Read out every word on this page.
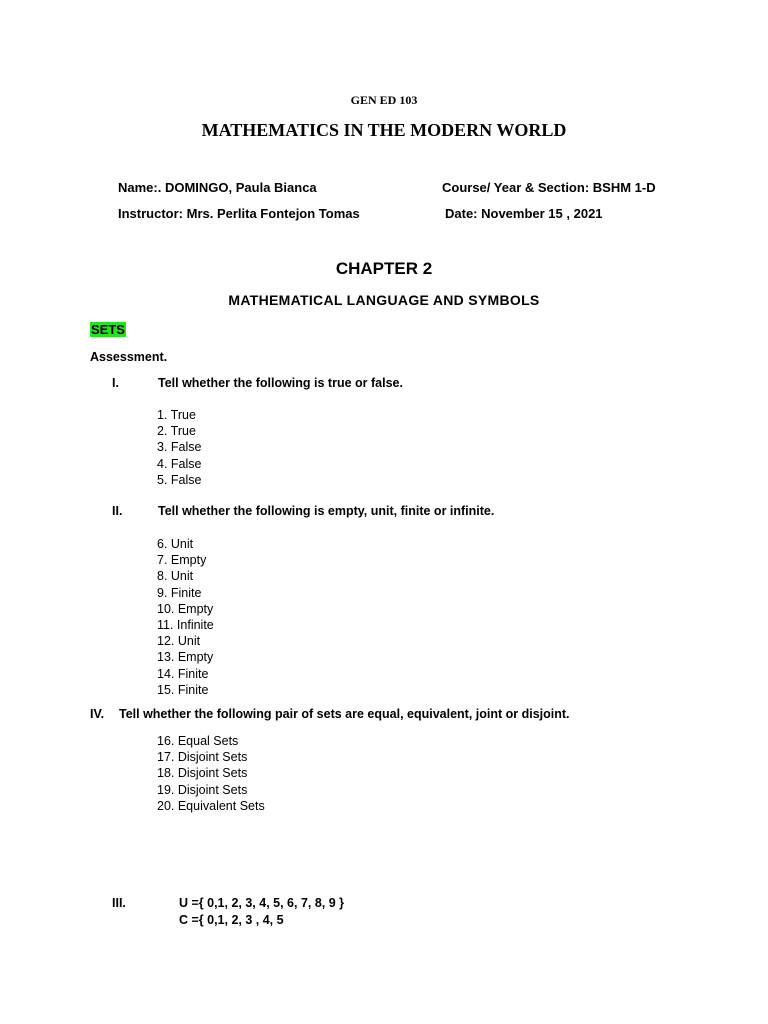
GEN ED 103
MATHEMATICS IN THE MODERN WORLD
Name:. DOMINGO, Paula Bianca	Course/ Year & Section: BSHM 1-D
Instructor: Mrs. Perlita Fontejon Tomas	Date: November 15 , 2021
CHAPTER 2
MATHEMATICAL LANGUAGE AND SYMBOLS
SETS
Assessment.
I.	Tell whether the following is true or false.
1. True
2. True
3. False
4. False
5. False
II.	Tell whether the following is empty, unit, finite or infinite.
6. Unit
7. Empty
8. Unit
9. Finite
10. Empty
11. Infinite
12. Unit
13. Empty
14. Finite
15. Finite
IV. Tell whether the following pair of sets are equal, equivalent, joint or disjoint.
16. Equal Sets
17. Disjoint Sets
18. Disjoint Sets
19. Disjoint Sets
20. Equivalent Sets
III.	U ={ 0,1, 2, 3, 4, 5, 6, 7, 8, 9 }
C ={ 0,1, 2, 3 , 4, 5
